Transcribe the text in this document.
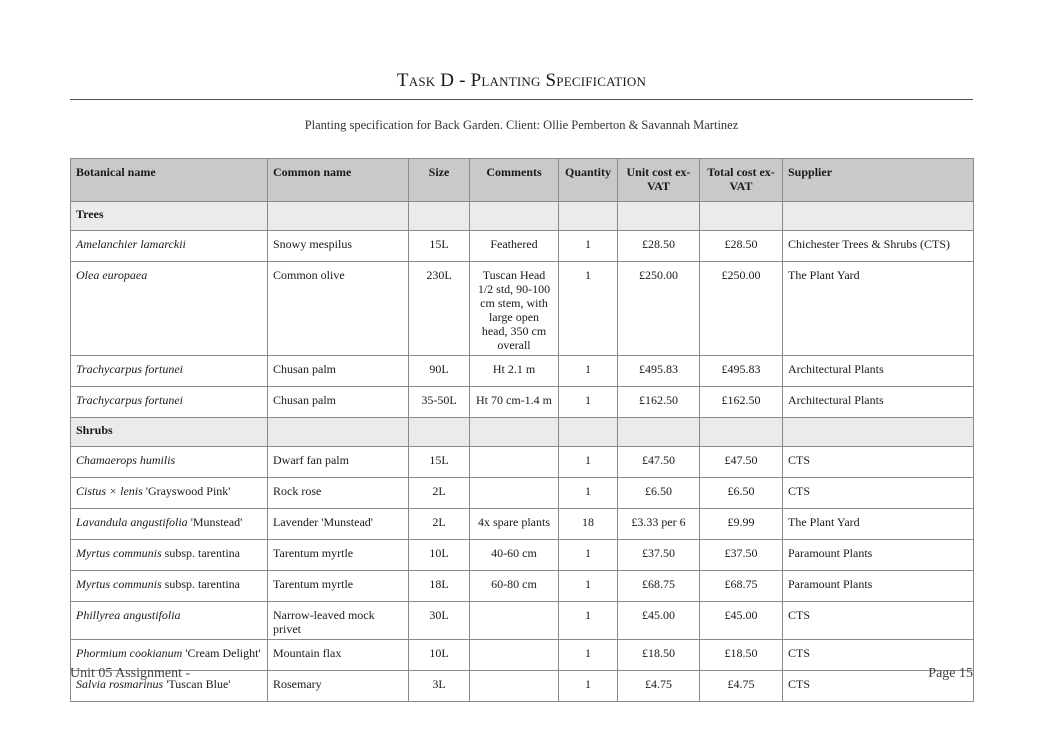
Task D - Planting Specification
Planting specification for Back Garden. Client: Ollie Pemberton & Savannah Martinez
Botanical name	Common name	Size	Comments	Quantity	Unit cost ex-VAT	Total cost ex-VAT	Supplier
Trees							
Amelanchier lamarckii	Snowy mespilus	15L	Feathered	1	£28.50	£28.50	Chichester Trees & Shrubs (CTS)
Olea europaea	Common olive	230L	Tuscan Head 1/2 std, 90-100 cm stem, with large open head, 350 cm overall	1	£250.00	£250.00	The Plant Yard
Trachycarpus fortunei	Chusan palm	90L	Ht 2.1 m	1	£495.83	£495.83	Architectural Plants
Trachycarpus fortunei	Chusan palm	35-50L	Ht 70 cm-1.4 m	1	£162.50	£162.50	Architectural Plants
Shrubs							
Chamaerops humilis	Dwarf fan palm	15L		1	£47.50	£47.50	CTS
Cistus × lenis 'Grayswood Pink'	Rock rose	2L		1	£6.50	£6.50	CTS
Lavandula angustifolia 'Munstead'	Lavender 'Munstead'	2L	4x spare plants	18	£3.33 per 6	£9.99	The Plant Yard
Myrtus communis subsp. tarentina	Tarentum myrtle	10L	40-60 cm	1	£37.50	£37.50	Paramount Plants
Myrtus communis subsp. tarentina	Tarentum myrtle	18L	60-80 cm	1	£68.75	£68.75	Paramount Plants
Phillyrea angustifolia	Narrow-leaved mock privet	30L		1	£45.00	£45.00	CTS
Phormium cookianum 'Cream Delight'	Mountain flax	10L		1	£18.50	£18.50	CTS
Salvia rosmarinus 'Tuscan Blue'	Rosemary	3L		1	£4.75	£4.75	CTS
Unit 05 Assignment -	Page 15
